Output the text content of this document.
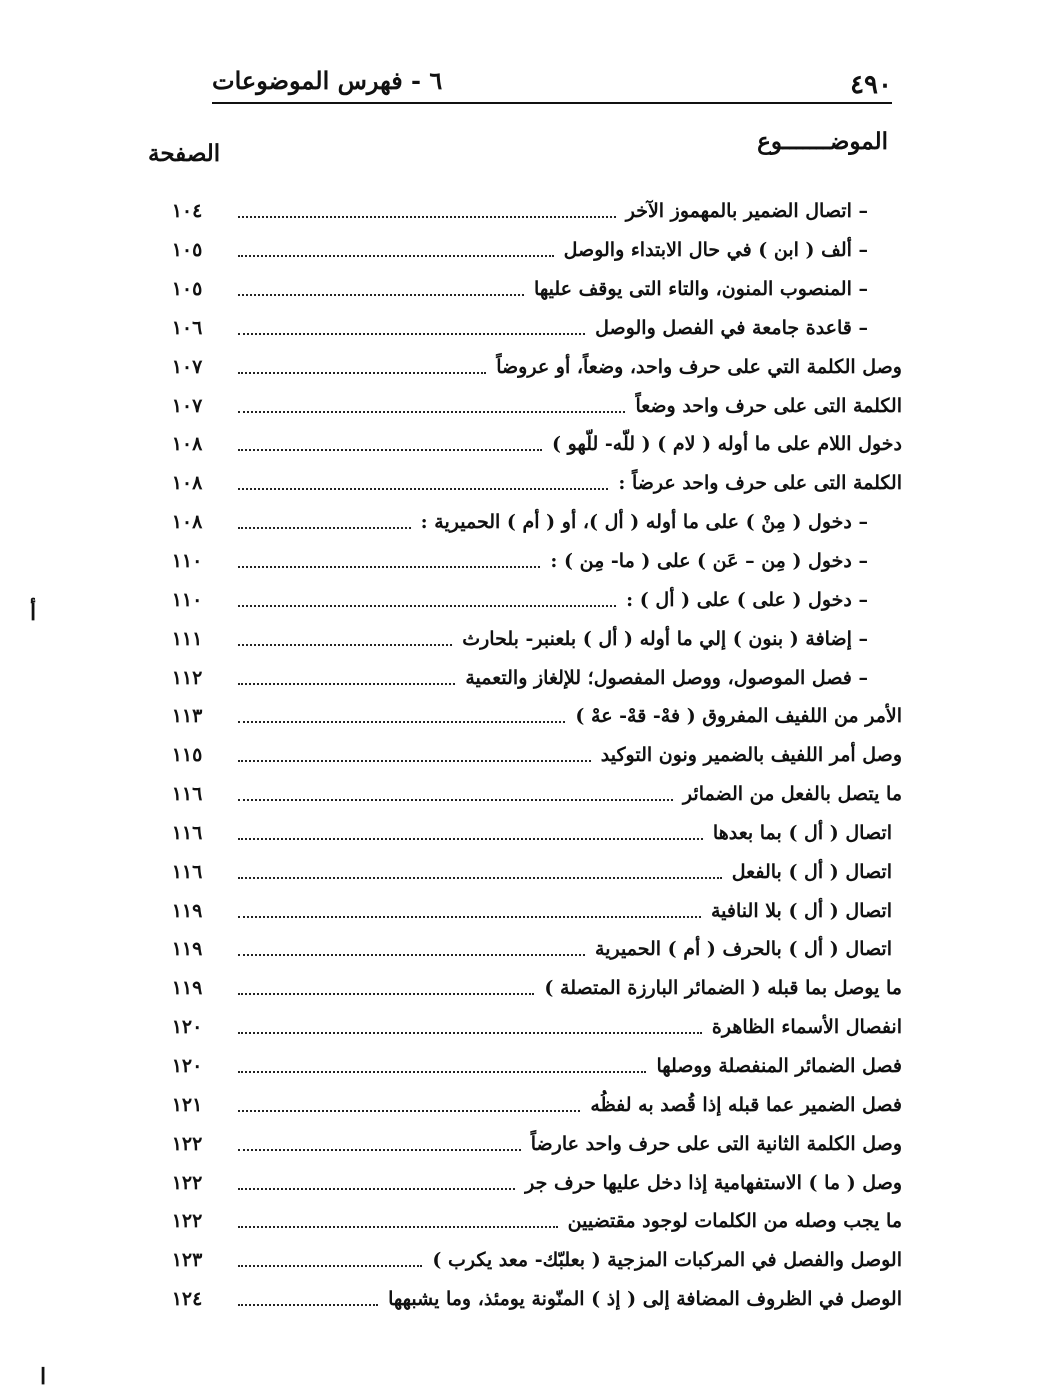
٤٩٠
٦ - فهرس الموضوعات
الموضـــــــوع
الصفحة
– اتصال الضمير بالمهموز الآخر
١٠٤
– ألف ( ابن ) في حال الابتداء والوصل
١٠٥
– المنصوب المنون، والتاء التى يوقف عليها
١٠٥
– قاعدة جامعة في الفصل والوصل
١٠٦
وصل الكلمة التي على حرف واحد، وضعاً، أو عروضاً
١٠٧
الكلمة التى على حرف واحد وضعاً
١٠٧
دخول اللام على ما أوله ( لام ) ( للّه- للّهو )
١٠٨
الكلمة التى على حرف واحد عرضاً :
١٠٨
– دخول ( مِنْ ) على ما أوله ( أل )، أو ( أم ) الحميرية :
١٠٨
– دخول ( مِن – عَن ) على ( ما- مِن ) :
١١٠
– دخول ( على ) على ( أل ) :
١١٠
– إضافة ( بنون ) إلي ما أوله ( أل ) بلعنبر- بلحارث
١١١
– فصل الموصول، ووصل المفصول؛ للإلغاز والتعمية
١١٢
الأمر من اللفيف المفروق ( فهْ- قهْ- عهْ )
١١٣
وصل أمر اللفيف بالضمير ونون التوكيد
١١٥
ما يتصل بالفعل من الضمائر
١١٦
اتصال ( أل ) بما بعدها
١١٦
اتصال ( أل ) بالفعل
١١٦
اتصال ( أل ) بلا النافية
١١٩
اتصال ( أل ) بالحرف ( أم ) الحميرية
١١٩
ما يوصل بما قبله ( الضمائر البارزة المتصلة )
١١٩
انفصال الأسماء الظاهرة
١٢٠
فصل الضمائر المنفصلة ووصلها
١٢٠
فصل الضمير عما قبله إذا قُصد به لفظُه
١٢١
وصل الكلمة الثانية التى على حرف واحد عارضاً
١٢٢
وصل ( ما ) الاستفهامية إذا دخل عليها حرف جر
١٢٢
ما يجب وصله من الكلمات لوجود مقتضيين
١٢٢
الوصل والفصل في المركبات المزجية ( بعلبّك- معد يكرب )
١٢٣
الوصل في الظروف المضافة إلى ( إذ ) المنّونة يومئذ، وما يشبهها
١٢٤
أ
ا
